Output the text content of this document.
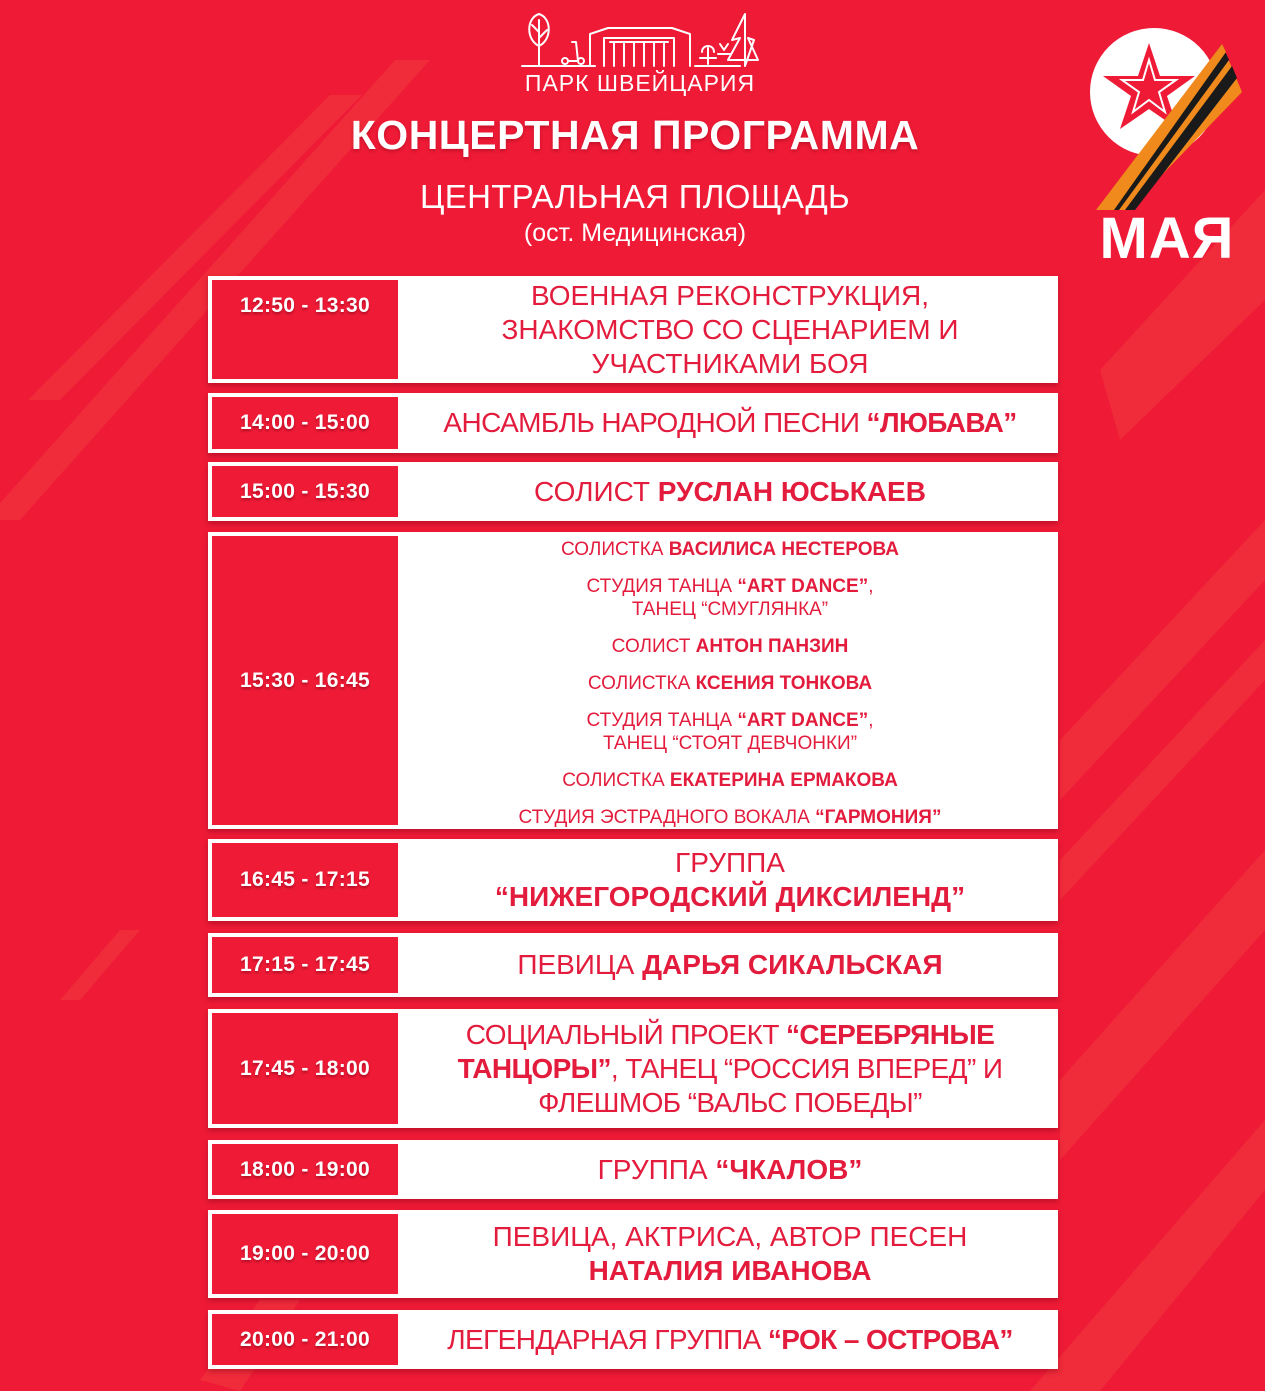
ПАРК ШВЕЙЦАРИЯ
КОНЦЕРТНАЯ ПРОГРАММА
ЦЕНТРАЛЬНАЯ ПЛОЩАДЬ
(ост. Медицинская)	МАЯ
12:50 - 13:30	ВОЕННАЯ РЕКОНСТРУКЦИЯ,
ЗНАКОМСТВО СО СЦЕНАРИЕМ И
УЧАСТНИКАМИ БОЯ
14:00 - 15:00	АНСАМБЛЬ НАРОДНОЙ ПЕСНИ “ЛЮБАВА”
15:00 - 15:30	СОЛИСТ РУСЛАН ЮСЬКАЕВ
15:30 - 16:45
СОЛИСТКА ВАСИЛИСА НЕСТЕРОВА
СТУДИЯ ТАНЦА “ART DANCE”,
ТАНЕЦ “СМУГЛЯНКА”
СОЛИСТ АНТОН ПАНЗИН
СОЛИСТКА КСЕНИЯ ТОНКОВА
СТУДИЯ ТАНЦА “ART DANCE”,
ТАНЕЦ “СТОЯТ ДЕВЧОНКИ”
СОЛИСТКА ЕКАТЕРИНА ЕРМАКОВА
СТУДИЯ ЭСТРАДНОГО ВОКАЛА “ГАРМОНИЯ”
16:45 - 17:15
ГРУППА
“НИЖЕГОРОДСКИЙ ДИКСИЛЕНД”
17:15 - 17:45	ПЕВИЦА ДАРЬЯ СИКАЛЬСКАЯ
17:45 - 18:00
СОЦИАЛЬНЫЙ ПРОЕКТ “СЕРЕБРЯНЫЕ
ТАНЦОРЫ”, ТАНЕЦ “РОССИЯ ВПЕРЕД” И
ФЛЕШМОБ “ВАЛЬС ПОБЕДЫ”
18:00 - 19:00	ГРУППА “ЧКАЛОВ”
19:00 - 20:00
ПЕВИЦА, АКТРИСА, АВТОР ПЕСЕН
НАТАЛИЯ ИВАНОВА
20:00 - 21:00	ЛЕГЕНДАРНАЯ ГРУППА “РОК – ОСТРОВА”
